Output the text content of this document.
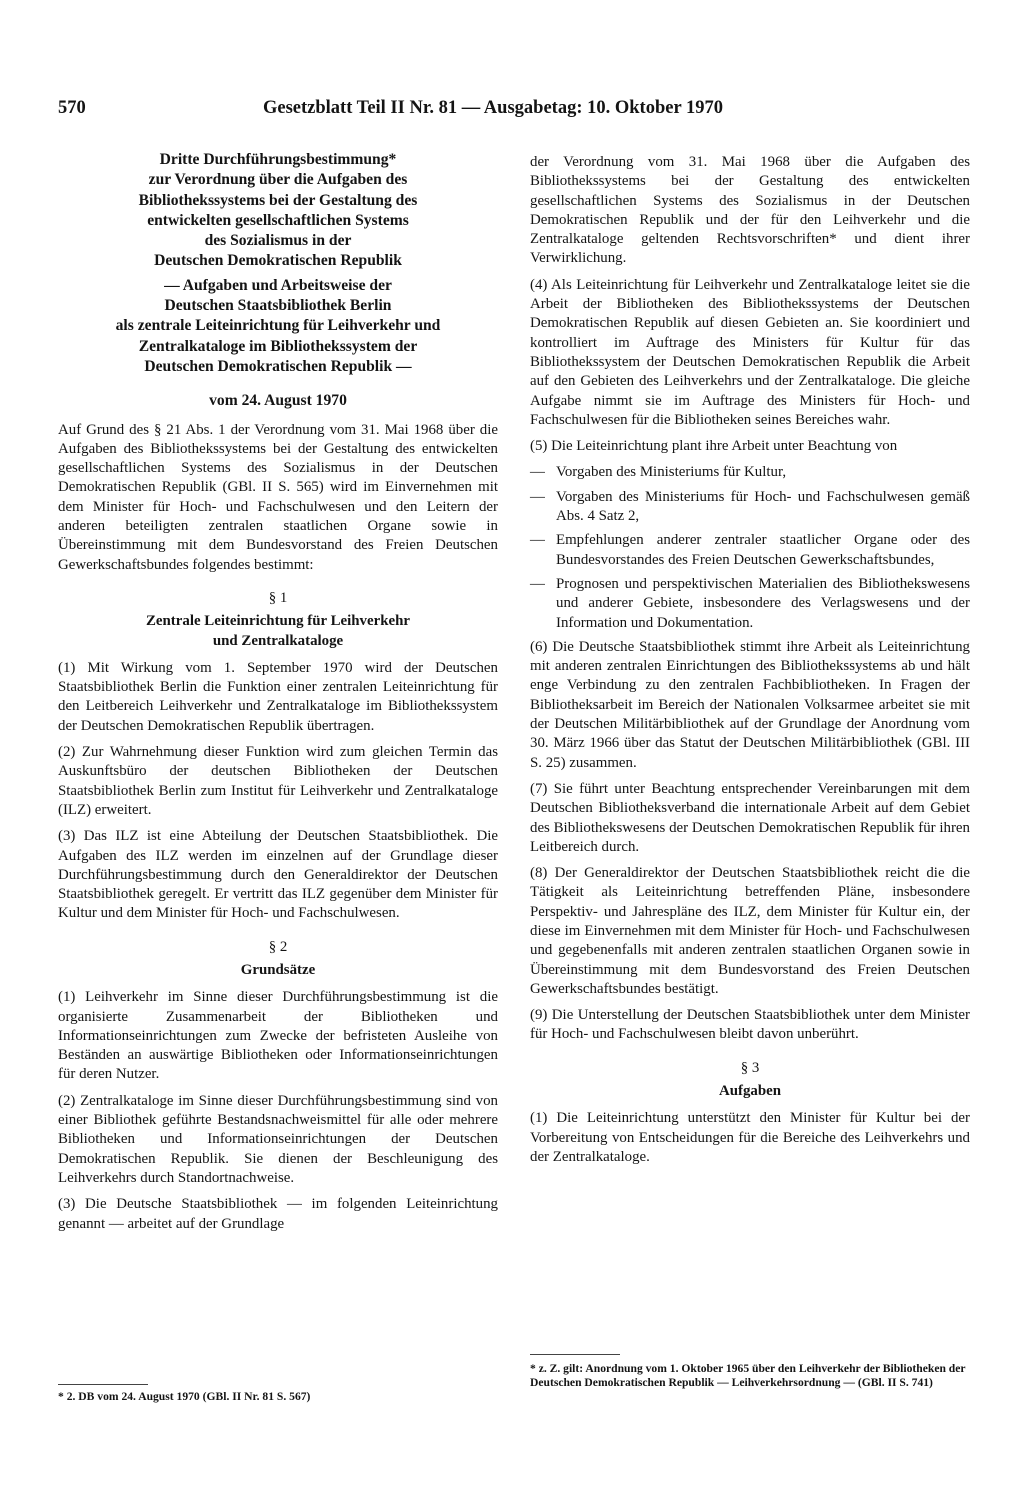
570	Gesetzblatt Teil II Nr. 81 — Ausgabetag: 10. Oktober 1970
Dritte Durchführungsbestimmung*
zur Verordnung über die Aufgaben des
Bibliothekssystems bei der Gestaltung des
entwickelten gesellschaftlichen Systems
des Sozialismus in der
Deutschen Demokratischen Republik
— Aufgaben und Arbeitsweise der
Deutschen Staatsbibliothek Berlin
als zentrale Leiteinrichtung für Leihverkehr und
Zentralkataloge im Bibliothekssystem der
Deutschen Demokratischen Republik —
vom 24. August 1970

Auf Grund des § 21 Abs. 1 der Verordnung vom 31. Mai 1968 über die Aufgaben des Bibliothekssystems bei der Gestaltung des entwickelten gesellschaftlichen Systems des Sozialismus in der Deutschen Demokratischen Republik (GBl. II S. 565) wird im Einvernehmen mit dem Minister für Hoch- und Fachschulwesen und den Leitern der anderen beteiligten zentralen staatlichen Organe sowie in Übereinstimmung mit dem Bundesvorstand des Freien Deutschen Gewerkschaftsbundes folgendes bestimmt:

§ 1
Zentrale Leiteinrichtung für Leihverkehr
und Zentralkataloge

(1) Mit Wirkung vom 1. September 1970 wird der Deutschen Staatsbibliothek Berlin die Funktion einer zentralen Leiteinrichtung für den Leitbereich Leihverkehr und Zentralkataloge im Bibliothekssystem der Deutschen Demokratischen Republik übertragen.

(2) Zur Wahrnehmung dieser Funktion wird zum gleichen Termin das Auskunftsbüro der deutschen Bibliotheken der Deutschen Staatsbibliothek Berlin zum Institut für Leihverkehr und Zentralkataloge (ILZ) erweitert.

(3) Das ILZ ist eine Abteilung der Deutschen Staatsbibliothek. Die Aufgaben des ILZ werden im einzelnen auf der Grundlage dieser Durchführungsbestimmung durch den Generaldirektor der Deutschen Staatsbibliothek geregelt. Er vertritt das ILZ gegenüber dem Minister für Kultur und dem Minister für Hoch- und Fachschulwesen.

§ 2
Grundsätze

(1) Leihverkehr im Sinne dieser Durchführungsbestimmung ist die organisierte Zusammenarbeit der Bibliotheken und Informationseinrichtungen zum Zwecke der befristeten Ausleihe von Beständen an auswärtige Bibliotheken oder Informationseinrichtungen für deren Nutzer.

(2) Zentralkataloge im Sinne dieser Durchführungsbestimmung sind von einer Bibliothek geführte Bestandsnachweismittel für alle oder mehrere Bibliotheken und Informationseinrichtungen der Deutschen Demokratischen Republik. Sie dienen der Beschleunigung des Leihverkehrs durch Standortnachweise.

(3) Die Deutsche Staatsbibliothek — im folgenden Leiteinrichtung genannt — arbeitet auf der Grundlage

der Verordnung vom 31. Mai 1968 über die Aufgaben des Bibliothekssystems bei der Gestaltung des entwickelten gesellschaftlichen Systems des Sozialismus in der Deutschen Demokratischen Republik und der für den Leihverkehr und die Zentralkataloge geltenden Rechtsvorschriften* und dient ihrer Verwirklichung.

(4) Als Leiteinrichtung für Leihverkehr und Zentralkataloge leitet sie die Arbeit der Bibliotheken des Bibliothekssystems der Deutschen Demokratischen Republik auf diesen Gebieten an. Sie koordiniert und kontrolliert im Auftrage des Ministers für Kultur für das Bibliothekssystem der Deutschen Demokratischen Republik die Arbeit auf den Gebieten des Leihverkehrs und der Zentralkataloge. Die gleiche Aufgabe nimmt sie im Auftrage des Ministers für Hoch- und Fachschulwesen für die Bibliotheken seines Bereiches wahr.

(5) Die Leiteinrichtung plant ihre Arbeit unter Beachtung von

— Vorgaben des Ministeriums für Kultur,
— Vorgaben des Ministeriums für Hoch- und Fachschulwesen gemäß Abs. 4 Satz 2,
— Empfehlungen anderer zentraler staatlicher Organe oder des Bundesvorstandes des Freien Deutschen Gewerkschaftsbundes,
— Prognosen und perspektivischen Materialien des Bibliothekswesens und anderer Gebiete, insbesondere des Verlagswesens und der Information und Dokumentation.

(6) Die Deutsche Staatsbibliothek stimmt ihre Arbeit als Leiteinrichtung mit anderen zentralen Einrichtungen des Bibliothekssystems ab und hält enge Verbindung zu den zentralen Fachbibliotheken. In Fragen der Bibliotheksarbeit im Bereich der Nationalen Volksarmee arbeitet sie mit der Deutschen Militärbibliothek auf der Grundlage der Anordnung vom 30. März 1966 über das Statut der Deutschen Militärbibliothek (GBl. III S. 25) zusammen.

(7) Sie führt unter Beachtung entsprechender Vereinbarungen mit dem Deutschen Bibliotheksverband die internationale Arbeit auf dem Gebiet des Bibliothekswesens der Deutschen Demokratischen Republik für ihren Leitbereich durch.

(8) Der Generaldirektor der Deutschen Staatsbibliothek reicht die die Tätigkeit als Leiteinrichtung betreffenden Pläne, insbesondere Perspektiv- und Jahrespläne des ILZ, dem Minister für Kultur ein, der diese im Einvernehmen mit dem Minister für Hoch- und Fachschulwesen und gegebenenfalls mit anderen zentralen staatlichen Organen sowie in Übereinstimmung mit dem Bundesvorstand des Freien Deutschen Gewerkschaftsbundes bestätigt.

(9) Die Unterstellung der Deutschen Staatsbibliothek unter dem Minister für Hoch- und Fachschulwesen bleibt davon unberührt.

§ 3
Aufgaben

(1) Die Leiteinrichtung unterstützt den Minister für Kultur bei der Vorbereitung von Entscheidungen für die Bereiche des Leihverkehrs und der Zentralkataloge.

* 2. DB vom 24. August 1970 (GBl. II Nr. 81 S. 567)
* z. Z. gilt: Anordnung vom 1. Oktober 1965 über den Leihverkehr der Bibliotheken der Deutschen Demokratischen Republik — Leihverkehrsordnung — (GBl. II S. 741)
